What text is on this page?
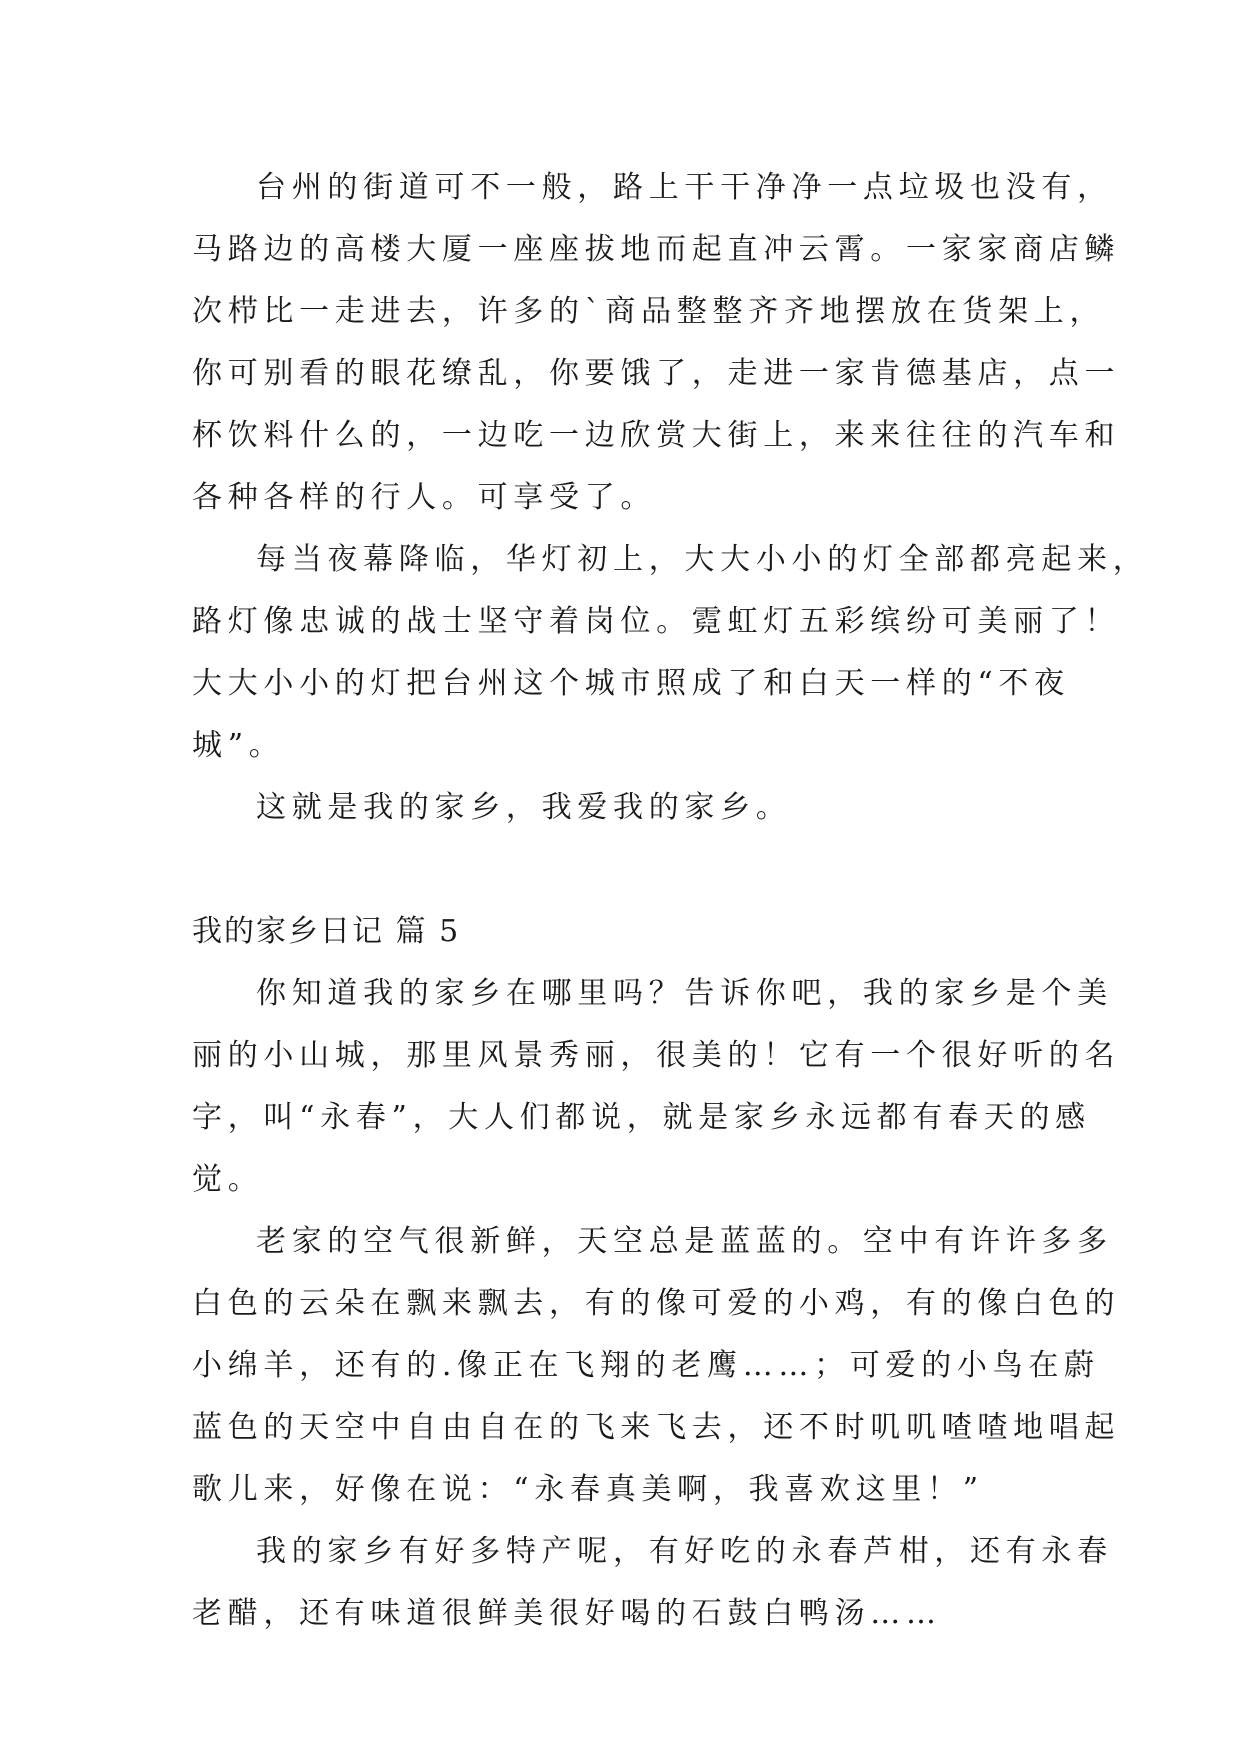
台州的街道可不一般，路上干干净净一点垃圾也没有，

马路边的高楼大厦一座座拔地而起直冲云霄。一家家商店鳞

次栉比一走进去，许多的`商品整整齐齐地摆放在货架上，

你可别看的眼花缭乱，你要饿了，走进一家肯德基店，点一

杯饮料什么的，一边吃一边欣赏大街上，来来往往的汽车和

各种各样的行人。可享受了。

每当夜幕降临，华灯初上，大大小小的灯全部都亮起来，

路灯像忠诚的战士坚守着岗位。霓虹灯五彩缤纷可美丽了！

大大小小的灯把台州这个城市照成了和白天一样的“不夜

城”。

这就是我的家乡，我爱我的家乡。

我的家乡日记 篇 5

你知道我的家乡在哪里吗？告诉你吧，我的家乡是个美

丽的小山城，那里风景秀丽，很美的！它有一个很好听的名

字，叫“永春”，大人们都说，就是家乡永远都有春天的感

觉。

老家的空气很新鲜，天空总是蓝蓝的。空中有许许多多

白色的云朵在飘来飘去，有的像可爱的小鸡，有的像白色的

小绵羊，还有的.像正在飞翔的老鹰……；可爱的小鸟在蔚

蓝色的天空中自由自在的飞来飞去，还不时叽叽喳喳地唱起

歌儿来，好像在说：“永春真美啊，我喜欢这里！”

我的家乡有好多特产呢，有好吃的永春芦柑，还有永春

老醋，还有味道很鲜美很好喝的石鼓白鸭汤……
